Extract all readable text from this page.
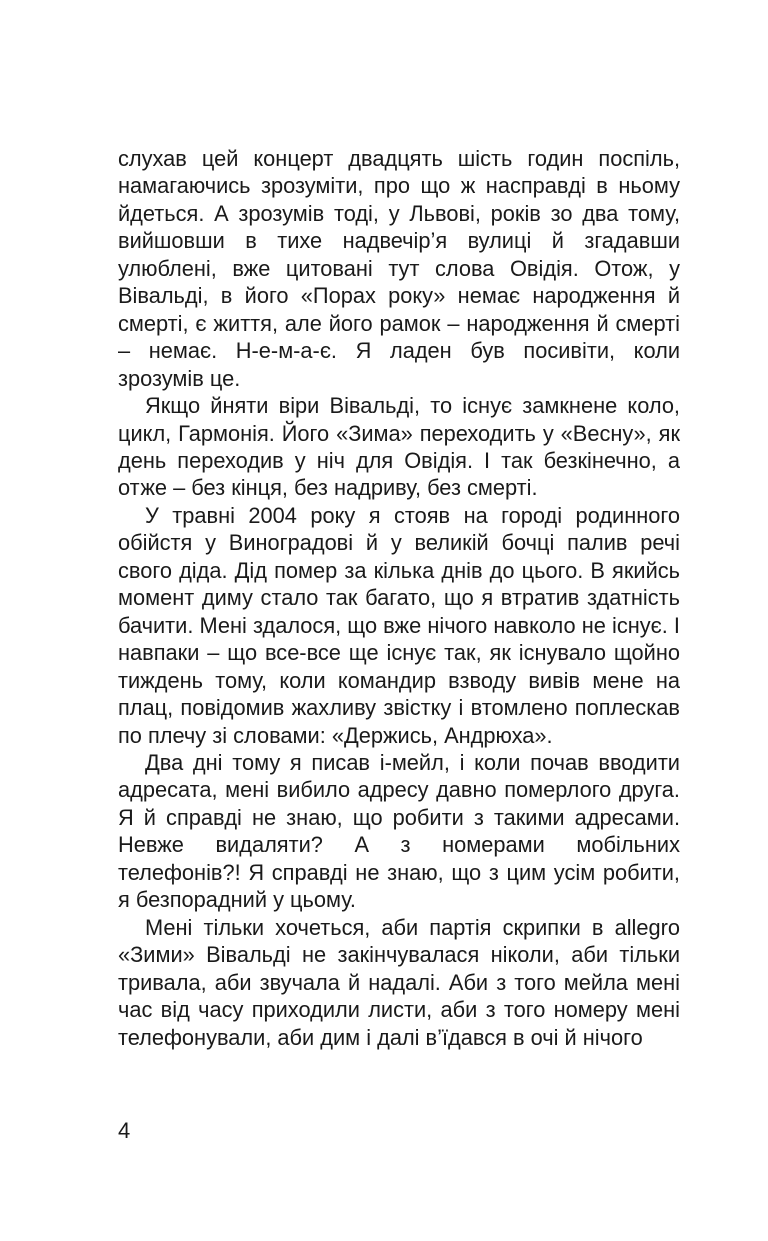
слухав цей концерт двадцять шість годин поспіль, намагаючись зрозуміти, про що ж насправді в ньому йдеться. А зрозумів тоді, у Львові, років зо два тому, вийшовши в тихе надвечір’я вулиці й згадавши улюблені, вже цитовані тут слова Овідія. Отож, у Вівальді, в його «Порах року» немає народження й смерті, є життя, але його рамок – народження й смерті – немає. Н-е-м-а-є. Я ладен був посивіти, коли зрозумів це.

Якщо йняти віри Вівальді, то існує замкнене коло, цикл, Гармонія. Його «Зима» переходить у «Весну», як день переходив у ніч для Овідія. І так безкінечно, а отже – без кінця, без надриву, без смерті.

У травні 2004 року я стояв на городі родинного обійстя у Виноградові й у великій бочці палив речі свого діда. Дід помер за кілька днів до цього. В якийсь момент диму стало так багато, що я втратив здатність бачити. Мені здалося, що вже нічого навколо не існує. І навпаки – що все-все ще існує так, як існувало щойно тиждень тому, коли командир взводу вивів мене на плац, повідомив жахливу звістку і втомлено поплескав по плечу зі словами: «Держись, Андрюха».

Два дні тому я писав і-мейл, і коли почав вводити адресата, мені вибило адресу давно померлого друга. Я й справді не знаю, що робити з такими адресами. Невже видаляти? А з номерами мобільних телефонів?! Я справді не знаю, що з цим усім робити, я безпорадний у цьому.

Мені тільки хочеться, аби партія скрипки в allegro «Зими» Вівальді не закінчувалася ніколи, аби тільки тривала, аби звучала й надалі. Аби з того мейла мені час від часу приходили листи, аби з того номеру мені телефонували, аби дим і далі в’їдався в очі й нічого

4
